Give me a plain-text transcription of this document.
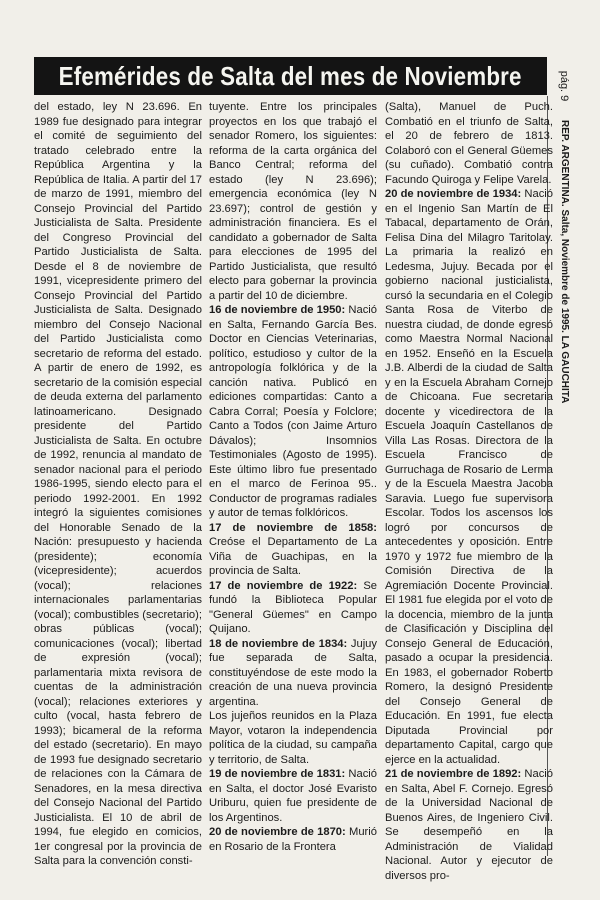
Efemérides de Salta del mes de Noviembre	pág. 9
REP. ARGENTINA. Salta, Noviembre de 1995. LA GAUCHITA

del estado, ley N 23.696. En 1989 fue designado para integrar el comité de seguimiento del tratado celebrado entre la República Argentina y la República de Italia. A partir del 17 de marzo de 1991, miembro del Consejo Provincial del Partido Justicialista de Salta. Presidente del Congreso Provincial del Partido Justicialista de Salta. Desde el 8 de noviembre de 1991, vicepresidente primero del Consejo Provincial del Partido Justicialista de Salta. Designado miembro del Consejo Nacional del Partido Justicialista como secretario de reforma del estado. A partir de enero de 1992, es secretario de la comisión especial de deuda externa del parlamento latinoamericano. Designado presidente del Partido Justicialista de Salta. En octubre de 1992, renuncia al mandato de senador nacional para el periodo 1986-1995, siendo electo para el periodo 1992-2001. En 1992 integró la siguientes comisiones del Honorable Senado de la Nación: presupuesto y hacienda (presidente); economía (vicepresidente); acuerdos (vocal); relaciones internacionales parlamentarias (vocal); combustibles (secretario); obras públicas (vocal); comunicaciones (vocal); libertad de expresión (vocal); parlamentaria mixta revisora de cuentas de la administración (vocal); relaciones exteriores y culto (vocal, hasta febrero de 1993); bicameral de la reforma del estado (secretario). En mayo de 1993 fue designado secretario de relaciones con la Cámara de Senadores, en la mesa directiva del Consejo Nacional del Partido Justicialista. El 10 de abril de 1994, fue elegido en comicios, 1er congresal por la provincia de Salta para la convención consti-

tuyente. Entre los principales proyectos en los que trabajó el senador Romero, los siguientes: reforma de la carta orgánica del Banco Central; reforma del estado (ley N 23.696); emergencia económica (ley N 23.697); control de gestión y administración financiera. Es el candidato a gobernador de Salta para elecciones de 1995 del Partido Justicialista, que resultó electo para gobernar la provincia a partir del 10 de diciembre.

16 de noviembre de 1950: Nació en Salta, Fernando García Bes. Doctor en Ciencias Veterinarias, político, estudioso y cultor de la antropología folklórica y de la canción nativa. Publicó en ediciones compartidas: Canto a Cabra Corral; Poesía y Folclore; Canto a Todos (con Jaime Arturo Dávalos); Insomnios Testimoniales (Agosto de 1995). Este último libro fue presentado en el marco de Ferinoa 95.. Conductor de programas radiales y autor de temas folklóricos.

17 de noviembre de 1858: Creóse el Departamento de La Viña de Guachipas, en la provincia de Salta.

17 de noviembre de 1922: Se fundó la Biblioteca Popular "General Güemes" en Campo Quijano.

18 de noviembre de 1834: Jujuy fue separada de Salta, constituyéndose de este modo la creación de una nueva provincia argentina.

Los jujeños reunidos en la Plaza Mayor, votaron la independencia política de la ciudad, su campaña y territorio, de Salta.

19 de noviembre de 1831: Nació en Salta, el doctor José Evaristo Uriburu, quien fue presidente de los Argentinos.

20 de noviembre de 1870: Murió en Rosario de la Frontera

(Salta), Manuel de Puch. Combatió en el triunfo de Salta, el 20 de febrero de 1813. Colaboró con el General Güemes (su cuñado). Combatió contra Facundo Quiroga y Felipe Varela.

20 de noviembre de 1934: Nació en el Ingenio San Martín de El Tabacal, departamento de Orán, Felisa Dina del Milagro Taritolay. La primaria la realizó en Ledesma, Jujuy. Becada por el gobierno nacional justicialista, cursó la secundaria en el Colegio Santa Rosa de Viterbo de nuestra ciudad, de donde egresó como Maestra Normal Nacional en 1952. Enseñó en la Escuela J.B. Alberdi de la ciudad de Salta y en la Escuela Abraham Cornejo de Chicoana. Fue secretaria docente y vicedirectora de la Escuela Joaquín Castellanos de Villa Las Rosas. Directora de la Escuela Francisco de Gurruchaga de Rosario de Lerma y de la Escuela Maestra Jacoba Saravia. Luego fue supervisora Escolar. Todos los ascensos los logró por concursos de antecedentes y oposición. Entre 1970 y 1972 fue miembro de la Comisión Directiva de la Agremiación Docente Provincial. El 1981 fue elegida por el voto de la docencia, miembro de la junta de Clasificación y Disciplina del Consejo General de Educación, pasado a ocupar la presidencia. En 1983, el gobernador Roberto Romero, la designó Presidente del Consejo General de Educación. En 1991, fue electa Diputada Provincial por departamento Capital, cargo que ejerce en la actualidad.

21 de noviembre de 1892: Nació en Salta, Abel F. Cornejo. Egresó de la Universidad Nacional de Buenos Aires, de Ingeniero Civil. Se desempeñó en la Administración de Vialidad Nacional. Autor y ejecutor de diversos pro-
